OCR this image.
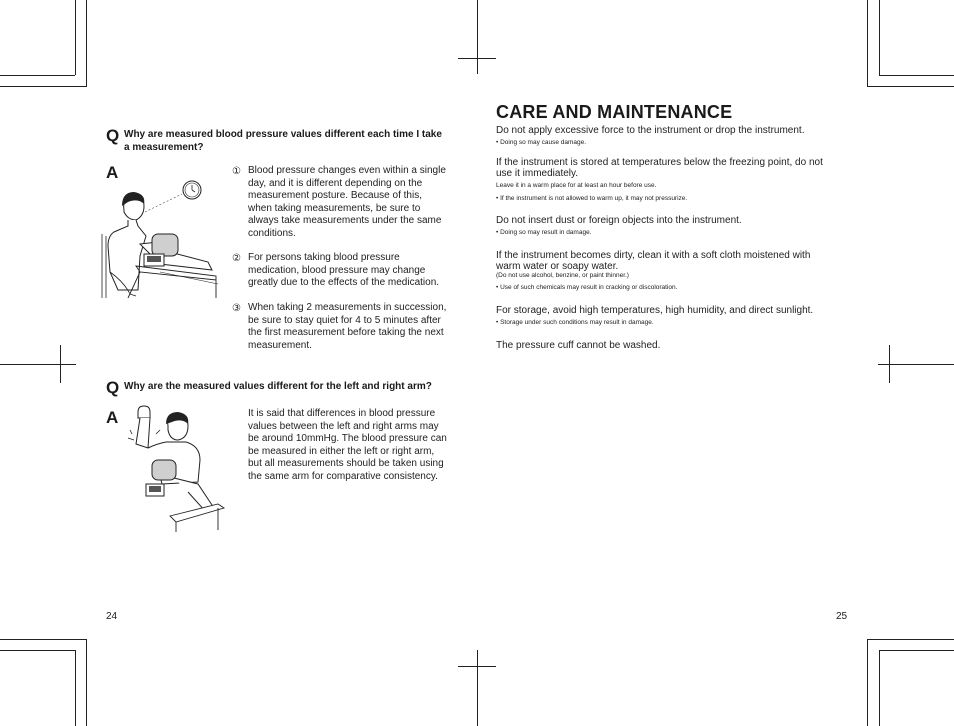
Q Why are measured blood pressure values different each time I take
a measurement?
A	① Blood pressure changes even within a single
day, and it is different depending on the
measurement posture. Because of this,
when taking measurements, be sure to
always take measurements under the same
conditions.
② For persons taking blood pressure
medication, blood pressure may change
greatly due to the effects of the medication.
③ When taking 2 measurements in succession,
be sure to stay quiet for 4 to 5 minutes after
the first measurement before taking the next
measurement.
Q Why are the measured values different for the left and right arm?
A	It is said that differences in blood pressure
values between the left and right arms may
be around 10mmHg. The blood pressure can
be measured in either the left or right arm,
but all measurements should be taken using
the same arm for comparative consistency.
24
CARE AND MAINTENANCE
Do not apply excessive force to the instrument or drop the instrument.
• Doing so may cause damage.
If the instrument is stored at temperatures below the freezing point, do not
use it immediately.
Leave it in a warm place for at least an hour before use.
• If the instrument is not allowed to warm up, it may not pressurize.
Do not insert dust or foreign objects into the instrument.
• Doing so may result in damage.
If the instrument becomes dirty, clean it with a soft cloth moistened with
warm water or soapy water.
(Do not use alcohol, benzine, or paint thinner.)
• Use of such chemicals may result in cracking or discoloration.
For storage, avoid high temperatures, high humidity, and direct sunlight.
• Storage under such conditions may result in damage.
The pressure cuff cannot be washed.
25
